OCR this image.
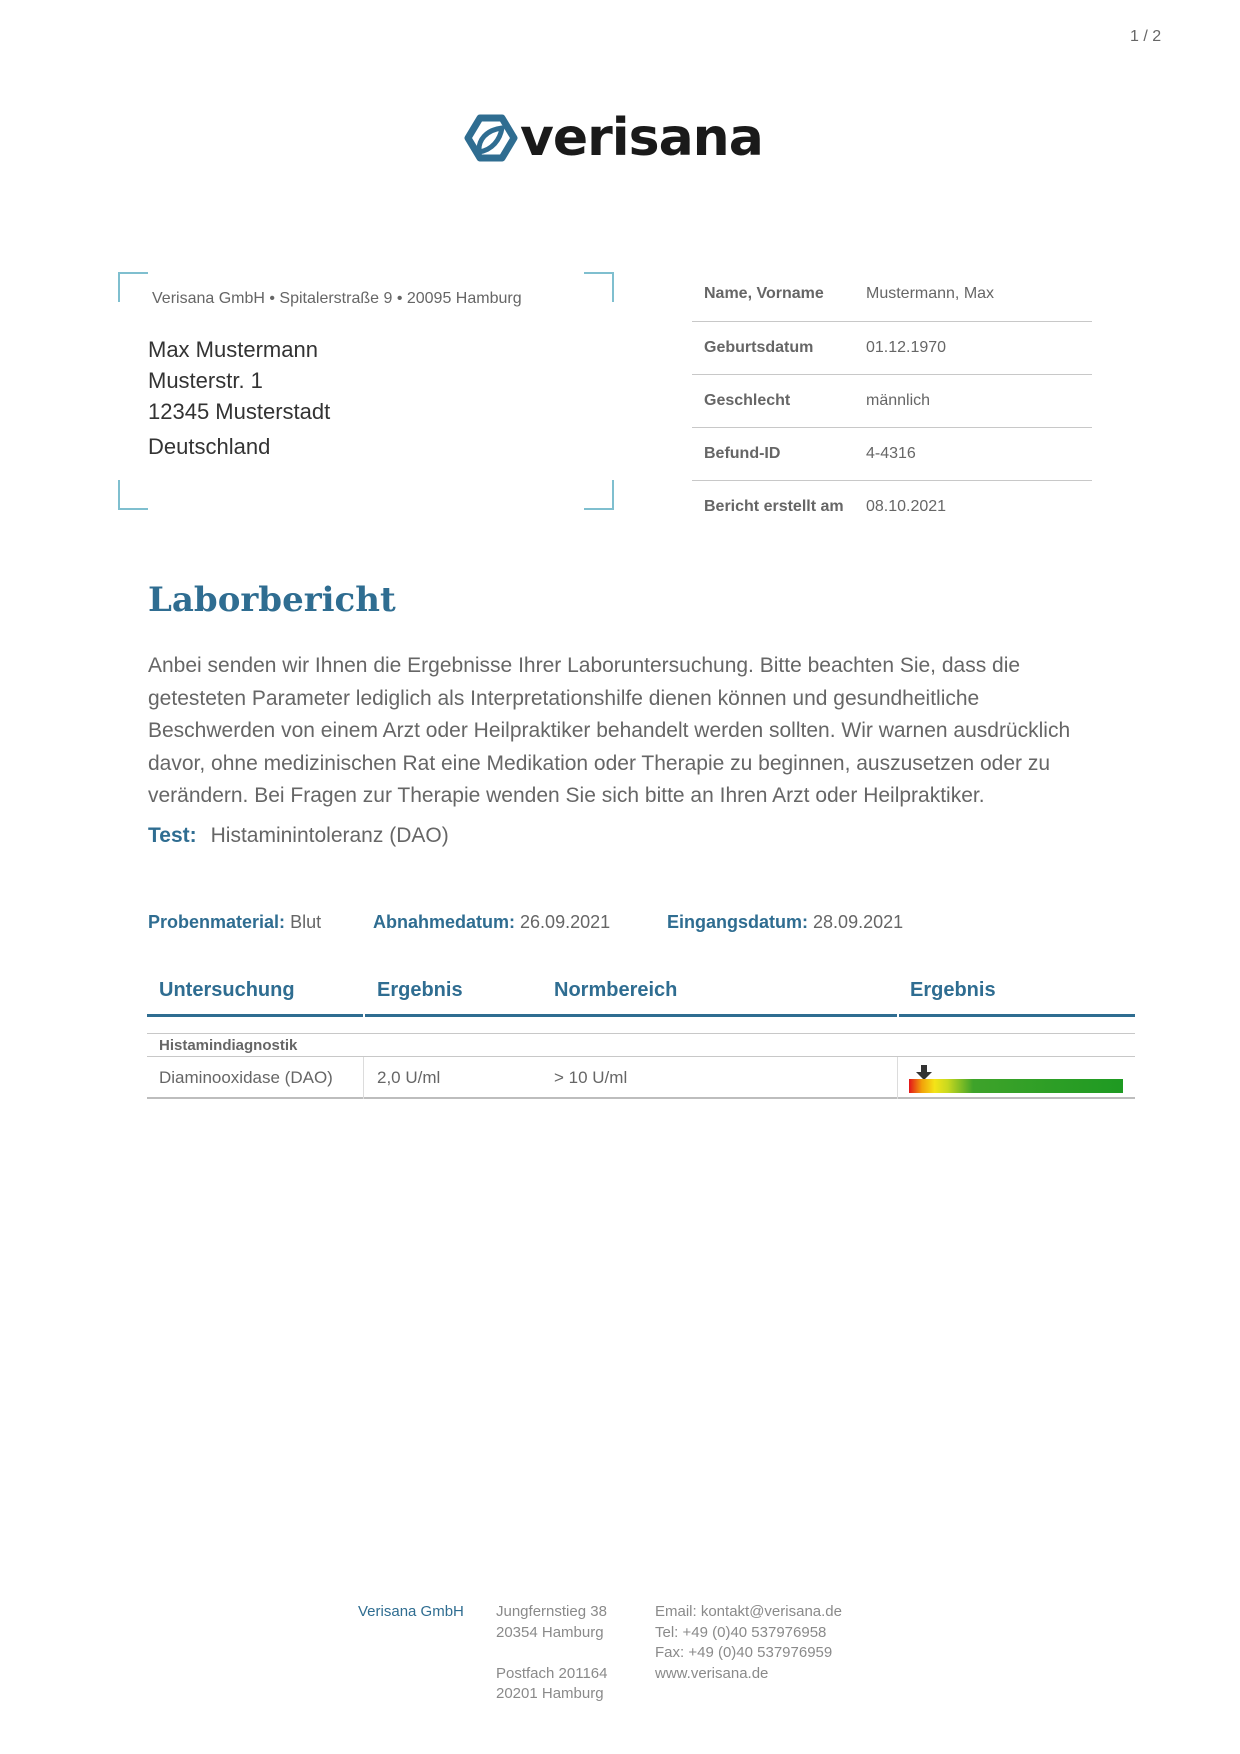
1 / 2
verisana
Verisana GmbH • Spitalerstraße 9 • 20095 Hamburg
Max Mustermann
Musterstr. 1
12345 Musterstadt
Deutschland
Name, Vorname	Mustermann, Max
Geburtsdatum	01.12.1970
Geschlecht	männlich
Befund-ID	4-4316
Bericht erstellt am	08.10.2021
Laborbericht

Anbei senden wir Ihnen die Ergebnisse Ihrer Laboruntersuchung. Bitte beachten Sie, dass die getesteten Parameter lediglich als Interpretationshilfe dienen können und gesundheitliche Beschwerden von einem Arzt oder Heilpraktiker behandelt werden sollten. Wir warnen ausdrücklich davor, ohne medizinischen Rat eine Medikation oder Therapie zu beginnen, auszusetzen oder zu verändern. Bei Fragen zur Therapie wenden Sie sich bitte an Ihren Arzt oder Heilpraktiker.

Test: Histaminintoleranz (DAO)
Probenmaterial: Blut	Abnahmedatum: 26.09.2021	Eingangsdatum: 28.09.2021
Untersuchung	Ergebnis	Normbereich	Ergebnis
Histamindiagnostik
Diaminooxidase (DAO)	2,0 U/ml	> 10 U/ml
Verisana GmbH Jungfernstieg 38
20354 Hamburg
Postfach 201164
20201 Hamburg
Email: kontakt@verisana.de
Tel: +49 (0)40 537976958
Fax: +49 (0)40 537976959
www.verisana.de
